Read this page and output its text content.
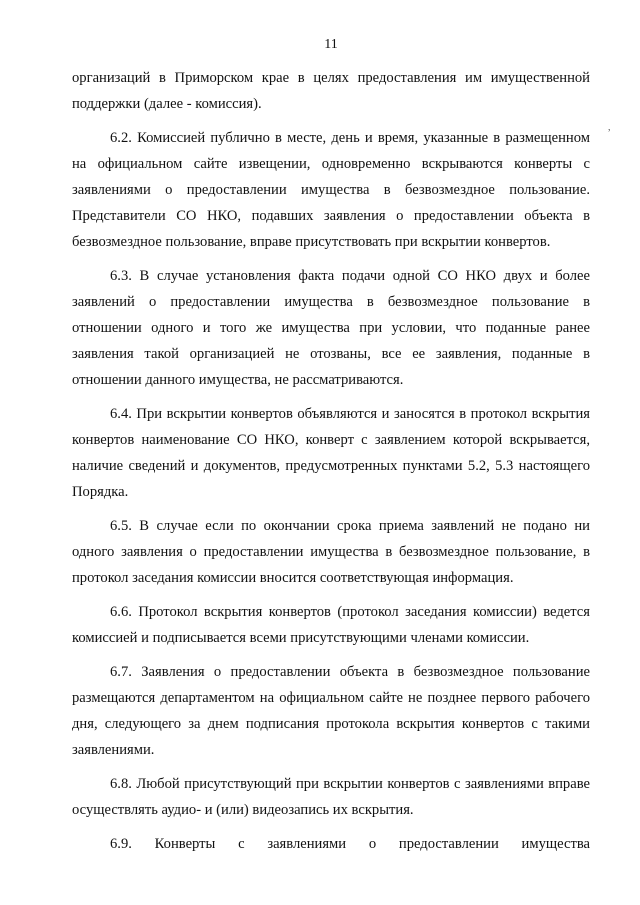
11

организаций в Приморском крае в целях предоставления им имущественной поддержки (далее - комиссия).

6.2. Комиссией публично в месте, день и время, указанные в размещенном на официальном сайте извещении, одновременно вскрываются конверты с заявлениями о предоставлении имущества в безвозмездное пользование. Представители СО НКО, подавших заявления о предоставлении объекта в безвозмездное пользование, вправе присутствовать при вскрытии конвертов.

6.3. В случае установления факта подачи одной СО НКО двух и более заявлений о предоставлении имущества в безвозмездное пользование в отношении одного и того же имущества при условии, что поданные ранее заявления такой организацией не отозваны, все ее заявления, поданные в отношении данного имущества, не рассматриваются.

6.4. При вскрытии конвертов объявляются и заносятся в протокол вскрытия конвертов наименование СО НКО, конверт с заявлением которой вскрывается, наличие сведений и документов, предусмотренных пунктами 5.2, 5.3 настоящего Порядка.

6.5. В случае если по окончании срока приема заявлений не подано ни одного заявления о предоставлении имущества в безвозмездное пользование, в протокол заседания комиссии вносится соответствующая информация.

6.6. Протокол вскрытия конвертов (протокол заседания комиссии) ведется комиссией и подписывается всеми присутствующими членами комиссии.

6.7. Заявления о предоставлении объекта в безвозмездное пользование размещаются департаментом на официальном сайте не позднее первого рабочего дня, следующего за днем подписания протокола вскрытия конвертов с такими заявлениями.

6.8. Любой присутствующий при вскрытии конвертов с заявлениями вправе осуществлять аудио- и (или) видеозапись их вскрытия.

6.9. Конверты с заявлениями о предоставлении имущества

,
